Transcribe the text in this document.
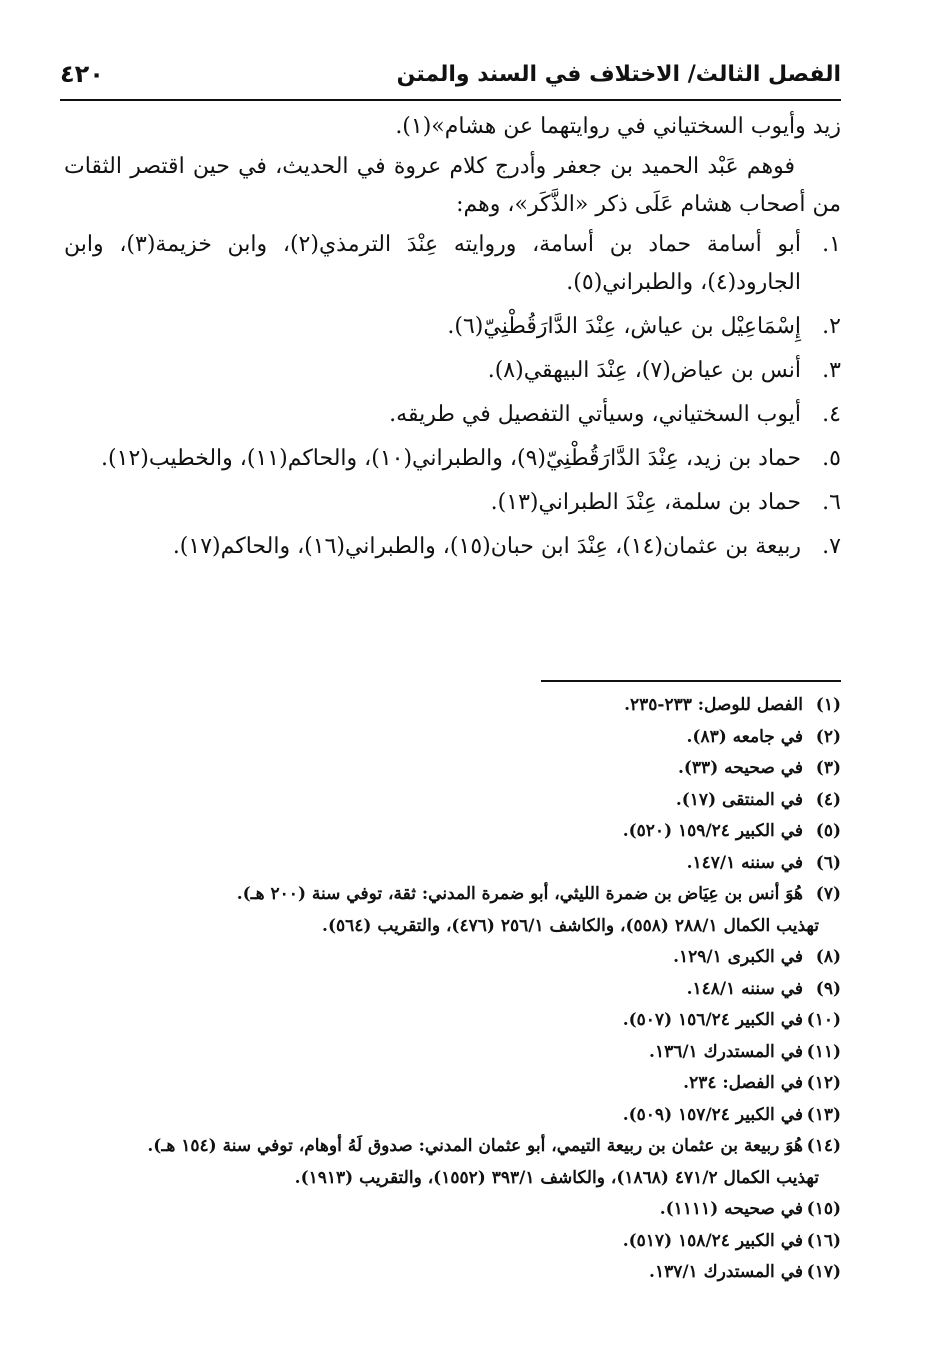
الفصل الثالث/ الاختلاف في السند والمتن
٤٢٠

زيد وأيوب السختياني في روايتهما عن هشام»(١).

فوهم عَبْد الحميد بن جعفر وأدرج كلام عروة في الحديث، في حين اقتصر الثقات من أصحاب هشام عَلَى ذكر «الذَّكَر»، وهم:

١.
أبو أسامة حماد بن أسامة، وروايته عِنْدَ الترمذي(٢)، وابن خزيمة(٣)، وابن الجارود(٤)، والطبراني(٥).
٢.
إِسْمَاعِيْل بن عياش، عِنْدَ الدَّارَقُطْنِيّ(٦).
٣.
أنس بن عياض(٧)، عِنْدَ البيهقي(٨).
٤.
أيوب السختياني، وسيأتي التفصيل في طريقه.
٥.
حماد بن زيد، عِنْدَ الدَّارَقُطْنِيّ(٩)، والطبراني(١٠)، والحاكم(١١)، والخطيب(١٢).
٦.
حماد بن سلمة، عِنْدَ الطبراني(١٣).
٧.
ربيعة بن عثمان(١٤)، عِنْدَ ابن حبان(١٥)، والطبراني(١٦)، والحاكم(١٧).

(١)
الفصل للوصل: ٢٣٣-٢٣٥.

(٢)
في جامعه (٨٣).

(٣)
في صحيحه (٣٣).

(٤)
في المنتقى (١٧).

(٥)
في الكبير ١٥٩/٢٤ (٥٢٠).

(٦)
في سننه ١٤٧/١.

(٧)
هُوَ أنس بن عِيَاض بن ضمرة الليثي، أبو ضمرة المدني: ثقة، توفي سنة (٢٠٠ هـ).

تهذيب الكمال ٢٨٨/١ (٥٥٨)، والكاشف ٢٥٦/١ (٤٧٦)، والتقريب (٥٦٤).

(٨)
في الكبرى ١٢٩/١.

(٩)
في سننه ١٤٨/١.

(١٠)
في الكبير ١٥٦/٢٤ (٥٠٧).

(١١)
في المستدرك ١٣٦/١.

(١٢)
في الفصل: ٢٣٤.

(١٣)
في الكبير ١٥٧/٢٤ (٥٠٩).

(١٤)
هُوَ ربيعة بن عثمان بن ربيعة التيمي، أبو عثمان المدني: صدوق لَهُ أوهام، توفي سنة (١٥٤ هـ).

تهذيب الكمال ٤٧١/٢ (١٨٦٨)، والكاشف ٣٩٣/١ (١٥٥٢)، والتقريب (١٩١٣).

(١٥)
في صحيحه (١١١١).

(١٦)
في الكبير ١٥٨/٢٤ (٥١٧).

(١٧)
في المستدرك ١٣٧/١.
